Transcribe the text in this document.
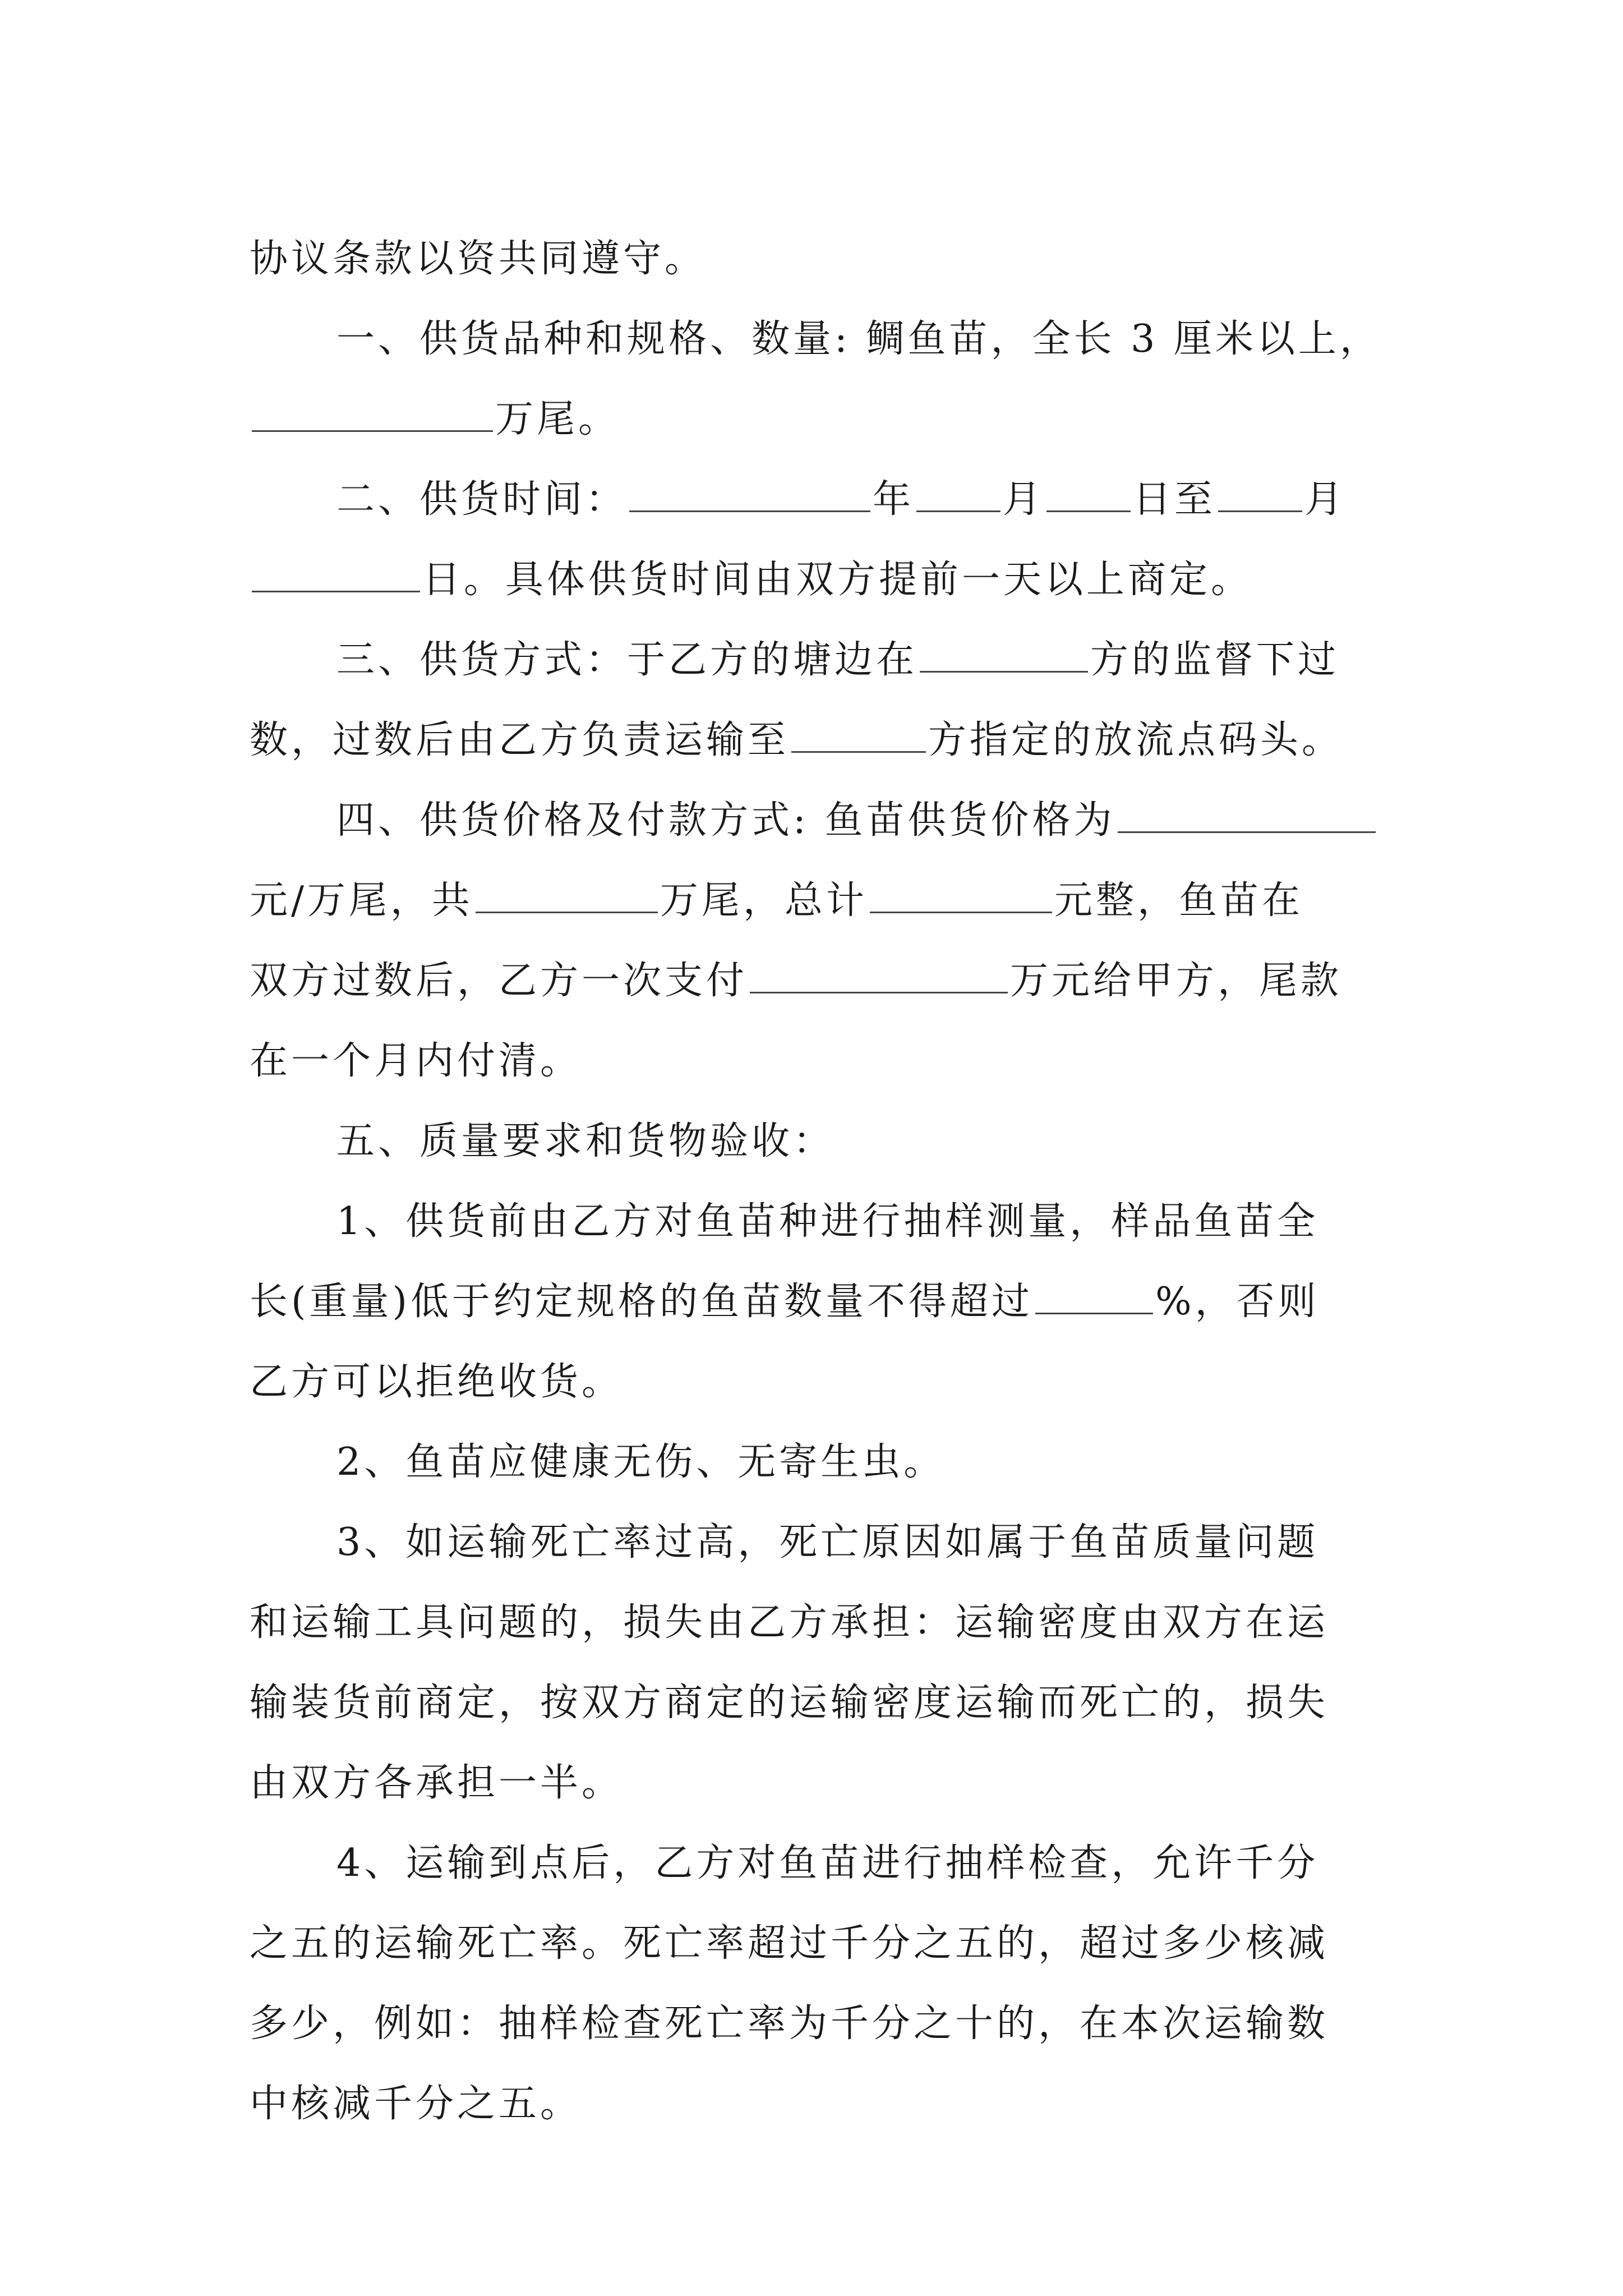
协议条款以资共同遵守。
一、供货品种和规格、数量: 鲷鱼苗，全长 3 厘米以上，
万尾。
二、供货时间：	年 月 日至 月
日。具体供货时间由双方提前一天以上商定。
三、供货方式：于乙方的塘边在	方的监督下过
数，过数后由乙方负责运输至	方指定的放流点码头。
四、供货价格及付款方式: 鱼苗供货价格为
元/万尾，共	万尾，总计	元整，鱼苗在
双方过数后，乙方一次支付	万元给甲方，尾款
在一个月内付清。
五、质量要求和货物验收：
1、供货前由乙方对鱼苗种进行抽样测量，样品鱼苗全
长(重量)低于约定规格的鱼苗数量不得超过	%，否则
乙方可以拒绝收货。
2、鱼苗应健康无伤、无寄生虫。
3、如运输死亡率过高，死亡原因如属于鱼苗质量问题
和运输工具问题的，损失由乙方承担：运输密度由双方在运
输装货前商定，按双方商定的运输密度运输而死亡的，损失
由双方各承担一半。
4、运输到点后，乙方对鱼苗进行抽样检查，允许千分
之五的运输死亡率。死亡率超过千分之五的，超过多少核减
多少，例如：抽样检查死亡率为千分之十的，在本次运输数
中核减千分之五。
